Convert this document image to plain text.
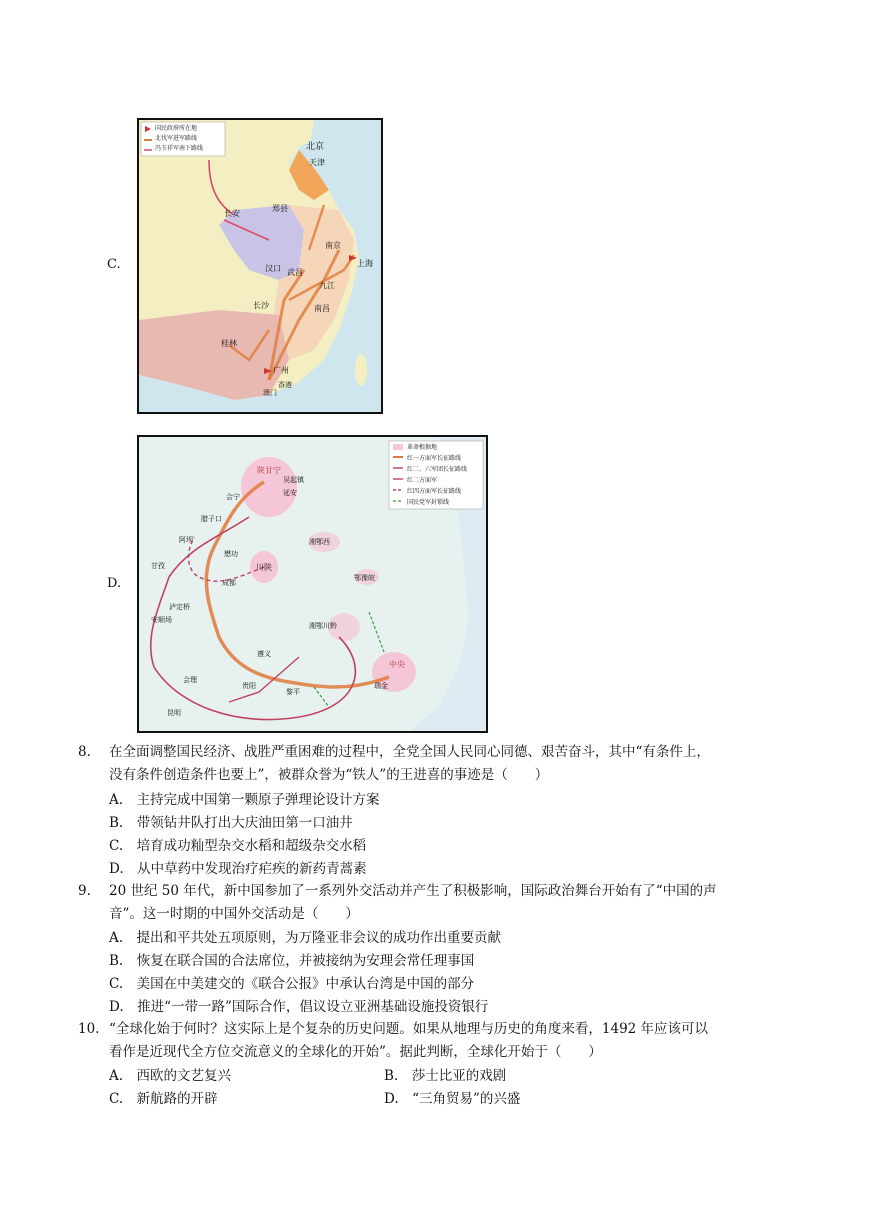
C.
国民政府所在地
北伐军进军路线
冯玉祥军南下路线	北京
天津
长安
郑县
南京
上海
汉口 武昌
九江
长沙	南昌
桂林
广州
香港
澳门
D.
革命根据地
红一方面军长征路线
红二、六军团长征路线
红二方面军
红四方面军长征路线
国民党军封锁线
陕甘宁
吴起镇
延安
会宁
腊子口
阿坝
甘孜
懋功
成都
川陕
安顺场
泸定桥
遵义
会理
昆明
贵阳
黎平
湘鄂西
湘鄂川黔
鄂豫皖
中央
瑞金
8. 在全面调整国民经济、战胜严重困难的过程中，全党全国人民同心同德、艰苦奋斗，其中“有条件上，
没有条件创造条件也要上”，被群众誉为“铁人”的王进喜的事迹是（　　）
A.　主持完成中国第一颗原子弹理论设计方案
B.　带领钻井队打出大庆油田第一口油井
C.　培育成功籼型杂交水稻和超级杂交水稻
D.　从中草药中发现治疗疟疾的新药青蒿素
9. 20 世纪 50 年代，新中国参加了一系列外交活动并产生了积极影响，国际政治舞台开始有了“中国的声
音”。这一时期的中国外交活动是（　　）
A.　提出和平共处五项原则，为万隆亚非会议的成功作出重要贡献
B.　恢复在联合国的合法席位，并被接纳为安理会常任理事国
C.　美国在中美建交的《联合公报》中承认台湾是中国的部分
D.　推进“一带一路”国际合作，倡议设立亚洲基础设施投资银行
10. “全球化始于何时？这实际上是个复杂的历史问题。如果从地理与历史的角度来看，1492 年应该可以
看作是近现代全方位交流意义的全球化的开始”。据此判断，全球化开始于（　　）
A.　西欧的文艺复兴	B.　莎士比亚的戏剧
C.　新航路的开辟	D.　“三角贸易”的兴盛
